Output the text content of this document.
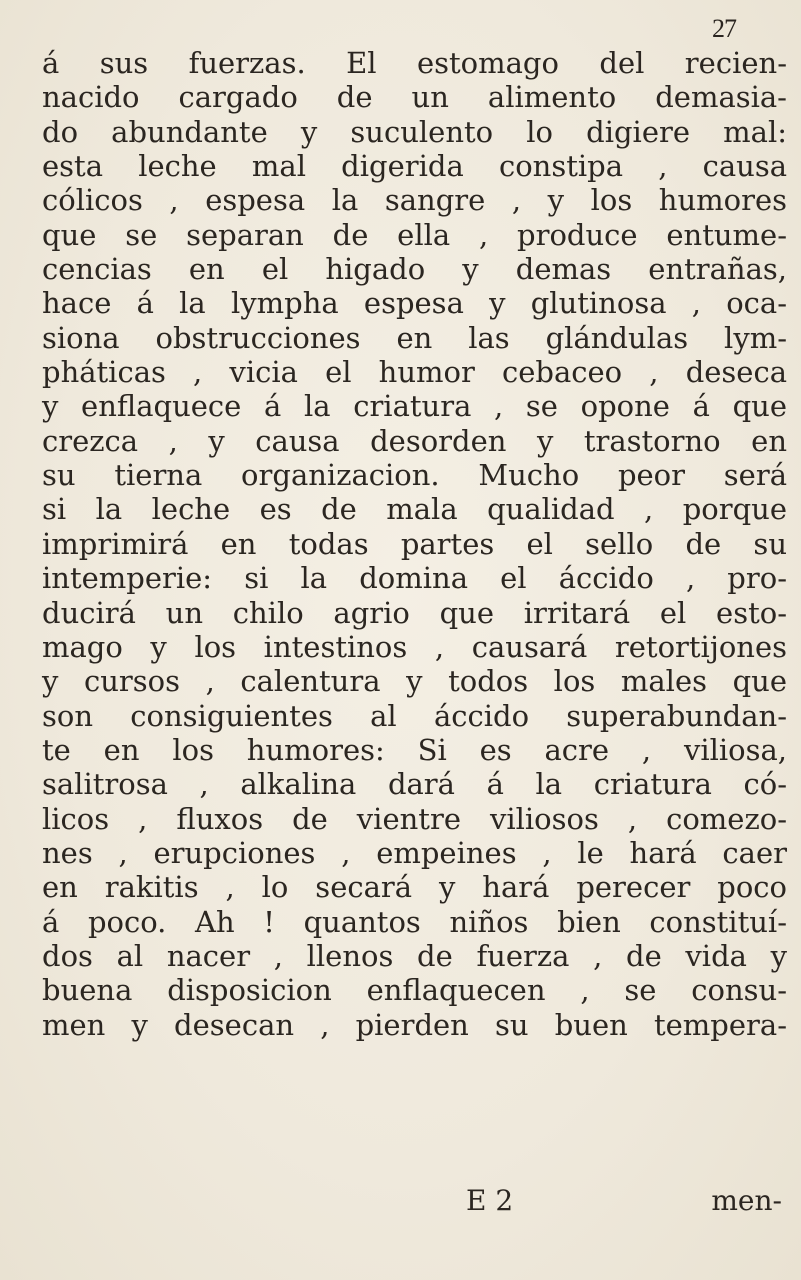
27
á sus fuerzas. El estomago del recien-
nacido cargado de un alimento demasia-
do abundante y suculento lo digiere mal:
esta leche mal digerida constipa , causa
cólicos , espesa la sangre , y los humores
que se separan de ella , produce entume-
cencias en el higado y demas entrañas,
hace á la lympha espesa y glutinosa , oca-
siona obstrucciones en las glándulas lym-
pháticas , vicia el humor cebaceo , deseca
y enflaquece á la criatura , se opone á que
crezca , y causa desorden y trastorno en
su tierna organizacion. Mucho peor será
si la leche es de mala qualidad , porque
imprimirá en todas partes el sello de su
intemperie: si la domina el áccido , pro-
ducirá un chilo agrio que irritará el esto-
mago y los intestinos , causará retortijones
y cursos , calentura y todos los males que
son consiguientes al áccido superabundan-
te en los humores: Si es acre , viliosa,
salitrosa , alkalina dará á la criatura có-
licos , fluxos de vientre viliosos , comezo-
nes , erupciones , empeines , le hará caer
en rakitis , lo secará y hará perecer poco
á poco. Ah ! quantos niños bien constituí-
dos al nacer , llenos de fuerza , de vida y
buena disposicion enflaquecen , se consu-
men y desecan , pierden su buen tempera-
E 2	men-
